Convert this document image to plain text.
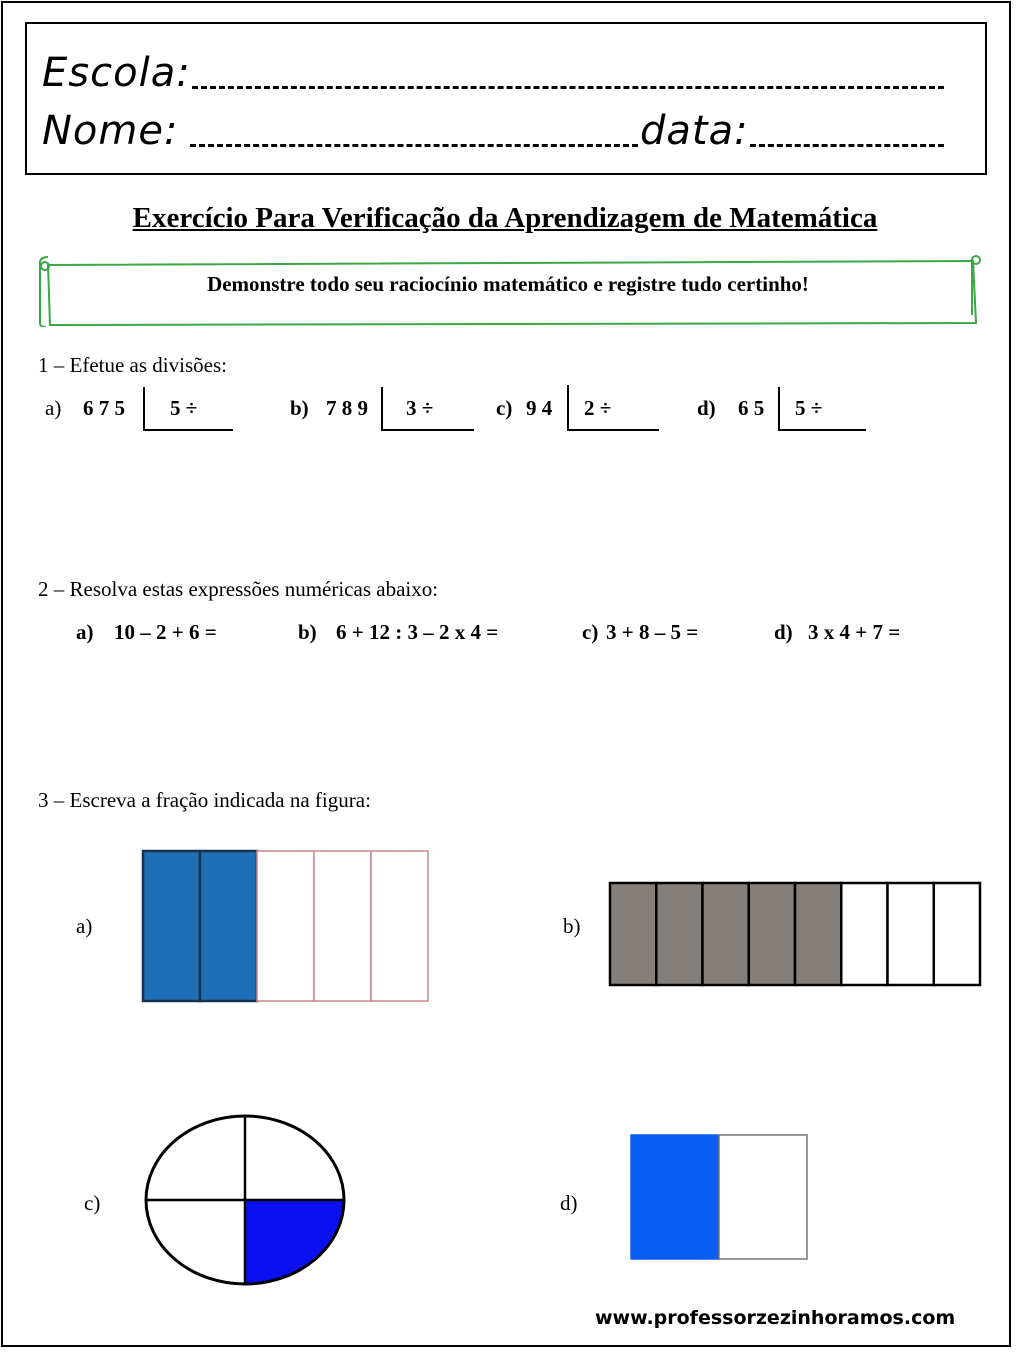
Escola:
Nome:	data:
Exercício Para Verificação da Aprendizagem de Matemática
Demonstre todo seu raciocínio matemático e registre tudo certinho!
1 – Efetue as divisões:
a) 6 7 5 5 ÷	b) 7 8 9 3 ÷	c) 9 4 2 ÷	d) 6 5 5 ÷
2 – Resolva estas expressões numéricas abaixo:
a) 10 – 2 + 6 =	b) 6 + 12 : 3 – 2 x 4 =	c) 3 + 8 – 5 =	d) 3 x 4 + 7 =
3 – Escreva a fração indicada na figura:
a)	b)
c)	d)
www.professorzezinhoramos.com
